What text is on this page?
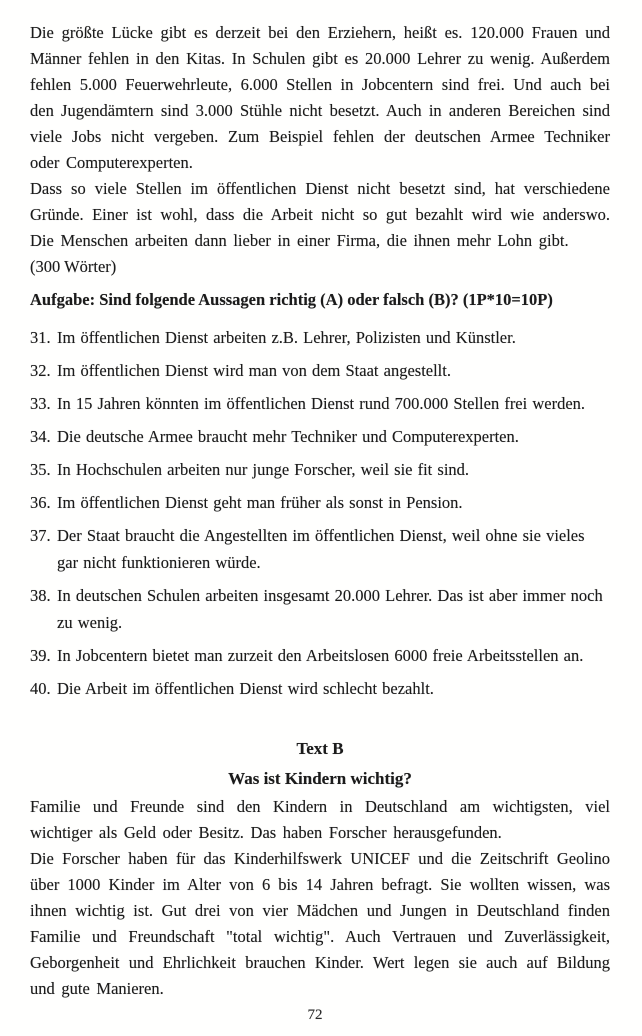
Die größte Lücke gibt es derzeit bei den Erziehern, heißt es. 120.000 Frauen und Männer fehlen in den Kitas. In Schulen gibt es 20.000 Lehrer zu wenig. Außerdem fehlen 5.000 Feuerwehrleute, 6.000 Stellen in Jobcentern sind frei. Und auch bei den Jugendämtern sind 3.000 Stühle nicht besetzt. Auch in anderen Bereichen sind viele Jobs nicht vergeben. Zum Beispiel fehlen der deutschen Armee Techniker oder Computerexperten.

Dass so viele Stellen im öffentlichen Dienst nicht besetzt sind, hat verschiedene Gründe. Einer ist wohl, dass die Arbeit nicht so gut bezahlt wird wie anderswo. Die Menschen arbeiten dann lieber in einer Firma, die ihnen mehr Lohn gibt.

(300 Wörter)

Aufgabe: Sind folgende Aussagen richtig (A) oder falsch (B)? (1P*10=10P)

31. Im öffentlichen Dienst arbeiten z.B. Lehrer, Polizisten und Künstler.
32. Im öffentlichen Dienst wird man von dem Staat angestellt.
33. In 15 Jahren könnten im öffentlichen Dienst rund 700.000 Stellen frei werden.
34. Die deutsche Armee braucht mehr Techniker und Computerexperten.
35. In Hochschulen arbeiten nur junge Forscher, weil sie fit sind.
36. Im öffentlichen Dienst geht man früher als sonst in Pension.
37. Der Staat braucht die Angestellten im öffentlichen Dienst, weil ohne sie vieles gar nicht funktionieren würde.
38. In deutschen Schulen arbeiten insgesamt 20.000 Lehrer. Das ist aber immer noch zu wenig.
39. In Jobcentern bietet man zurzeit den Arbeitslosen 6000 freie Arbeitsstellen an.
40. Die Arbeit im öffentlichen Dienst wird schlecht bezahlt.

Text B

Was ist Kindern wichtig?

Familie und Freunde sind den Kindern in Deutschland am wichtigsten, viel wichtiger als Geld oder Besitz. Das haben Forscher herausgefunden.

Die Forscher haben für das Kinderhilfswerk UNICEF und die Zeitschrift Geolino über 1000 Kinder im Alter von 6 bis 14 Jahren befragt. Sie wollten wissen, was ihnen wichtig ist. Gut drei von vier Mädchen und Jungen in Deutschland finden Familie und Freundschaft "total wichtig". Auch Vertrauen und Zuverlässigkeit, Geborgenheit und Ehrlichkeit brauchen Kinder. Wert legen sie auch auf Bildung und gute Manieren.

72
